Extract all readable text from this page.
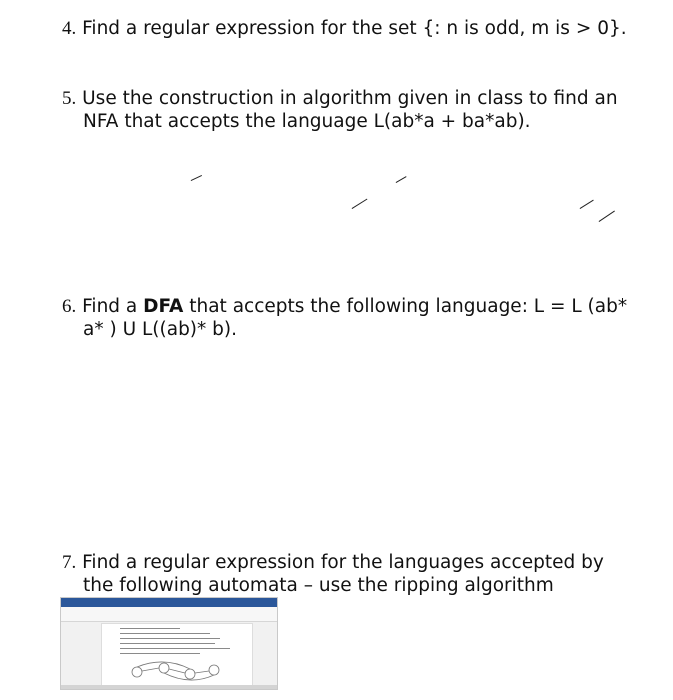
4. Find a regular expression for the set {: n is odd, m is > 0}.
5. Use the construction in algorithm given in class to find an
NFA that accepts the language L(ab*a + ba*ab).
6. Find a DFA that accepts the following language: L = L (ab*
a* ) U L((ab)* b).
7. Find a regular expression for the languages accepted by
the following automata – use the ripping algorithm
